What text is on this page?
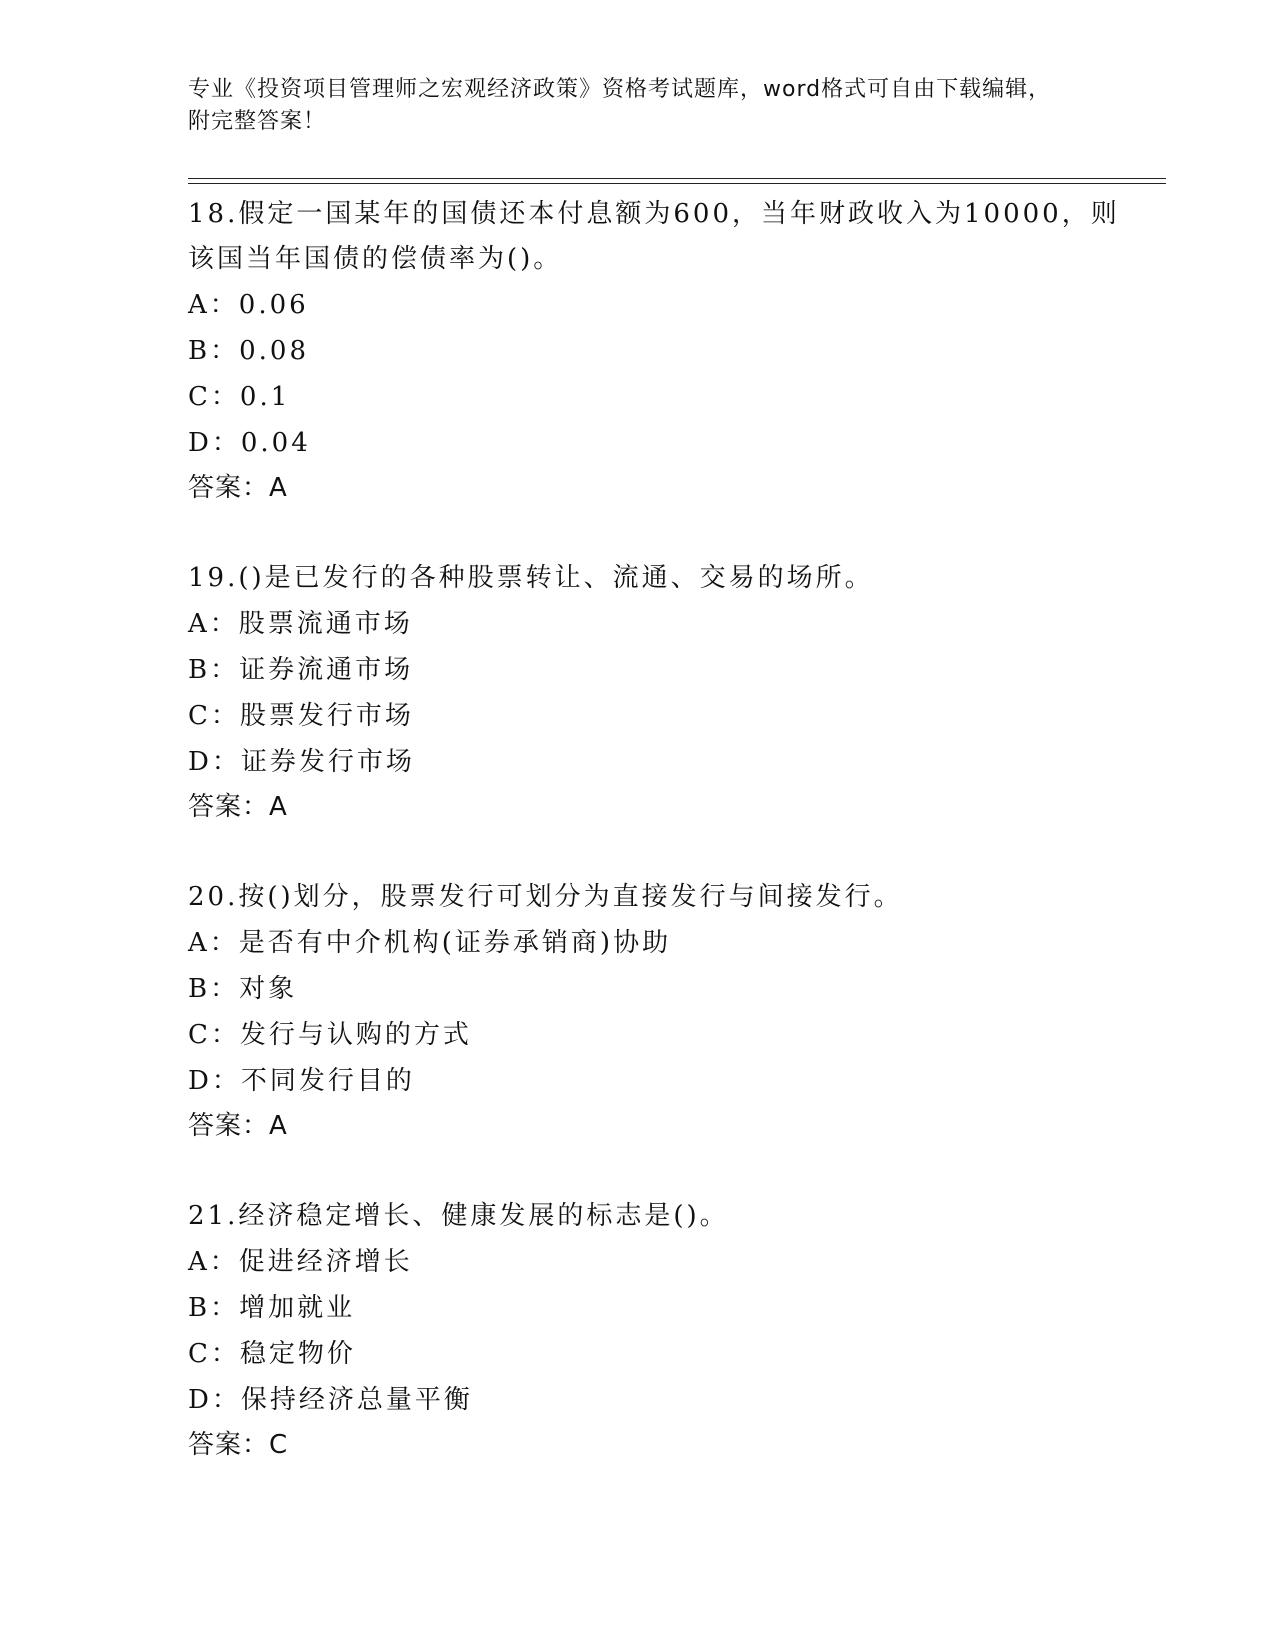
专业《投资项目管理师之宏观经济政策》资格考试题库，word格式可自由下载编辑，附完整答案！

18.假定一国某年的国债还本付息额为600，当年财政收入为10000，则该国当年国债的偿债率为()。

A：0.06

B：0.08

C：0.1

D：0.04

答案：A

19.()是已发行的各种股票转让、流通、交易的场所。

A：股票流通市场

B：证券流通市场

C：股票发行市场

D：证券发行市场

答案：A

20.按()划分，股票发行可划分为直接发行与间接发行。

A：是否有中介机构(证券承销商)协助

B：对象

C：发行与认购的方式

D：不同发行目的

答案：A

21.经济稳定增长、健康发展的标志是()。

A：促进经济增长

B：增加就业

C：稳定物价

D：保持经济总量平衡

答案：C
